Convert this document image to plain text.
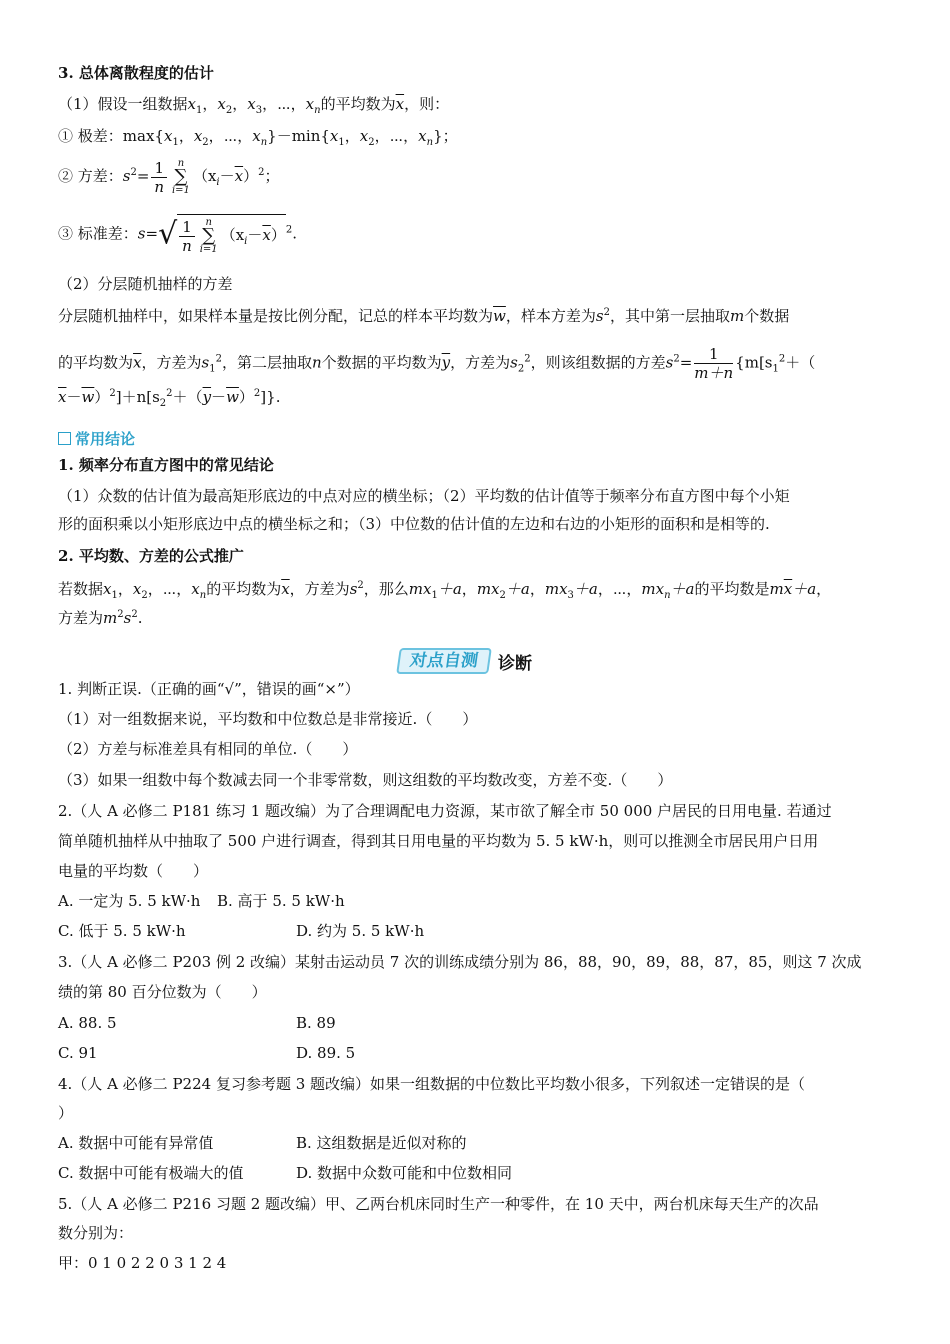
3. 总体离散程度的估计
（1）假设一组数据$x_1$，$x_2$，$x_3$，⋯，$x_n$的平均数为$\overline{x}$，则：
① 极差：$\max\{x_1$，$x_2$，⋯，$x_n\}-\min\{x_1$，$x_2$，⋯，$x_n$}；
② 方差：$s^2= \frac{1}{n}$	n
∑
i=1
$(x_i-\overline{x})^2$；
③ 标准差：$s=√ \frac{1}{n}$	n
∑
i=1
$(x_i-\overline{x})^2$.
（2）分层随机抽样的方差
分层随机抽样中，如果样本量是按比例分配，记总的样本平均数为$\overline{w}$，样本方差为$s^2$，其中第一层抽取m个数据
的平均数为$\overline{x}$，方差为$s_1^2$，第二层抽取n个数据的平均数为$\overline{y}$，方差为$s_2^2$，则该组数据的方差$s^2= \frac{1}{m+n} \{m[s_1^2+$（
$\overline{x}-\overline{w})^2]+n[s_2^2+(\overline{y}-\overline{w})^2]$}.
常用结论
1. 频率分布直方图中的常见结论
（1）众数的估计值为最高矩形底边的中点对应的横坐标；（2）平均数的估计值等于频率分布直方图中每个小矩
形的面积乘以小矩形底边中点的横坐标之和；（3）中位数的估计值的左边和右边的小矩形的面积和是相等的.
2. 平均数、方差的公式推广
若数据$x_1$，$x_2$，⋯，$x_n$的平均数为$\overline{x}$，方差为$s^2$，那么$mx_1+a$，$mx_2+a$，$mx_3+a$，⋯，$mx_n+a$的平均数是$m\overline{x}+a$，
方差为$m^2s^2$.
对点自测	诊断
1. 判断正误.（正确的画“√”，错误的画“×”）
（1）对一组数据来说，平均数和中位数总是非常接近.（　　）
（2）方差与标准差具有相同的单位.（　　）
（3）如果一组数中每个数减去同一个非零常数，则这组数的平均数改变，方差不变.（　　）
2.（人 A 必修二 P181 练习 1 题改编）为了合理调配电力资源，某市欲了解全市 50 000 户居民的日用电量. 若通过
简单随机抽样从中抽取了 500 户进行调查，得到其日用电量的平均数为 5. 5 kW·h，则可以推测全市居民用户日用
电量的平均数（　　）
A. 一定为 5. 5 kW·h B. 高于 5. 5 kW·h
C. 低于 5. 5 kW·h	D. 约为 5. 5 kW·h
3.（人 A 必修二 P203 例 2 改编）某射击运动员 7 次的训练成绩分别为 86，88，90，89，88，87，85，则这 7 次成
绩的第 80 百分位数为（　　）
A. 88. 5	B. 89
C. 91	D. 89. 5
4.（人 A 必修二 P224 复习参考题 3 题改编）如果一组数据的中位数比平均数小很多，下列叙述一定错误的是（
）
A. 数据中可能有异常值	B. 这组数据是近似对称的
C. 数据中可能有极端大的值	D. 数据中众数可能和中位数相同
5.（人 A 必修二 P216 习题 2 题改编）甲、乙两台机床同时生产一种零件，在 10 天中，两台机床每天生产的次品
数分别为：
甲：0 1 0 2 2 0 3 1 2 4
